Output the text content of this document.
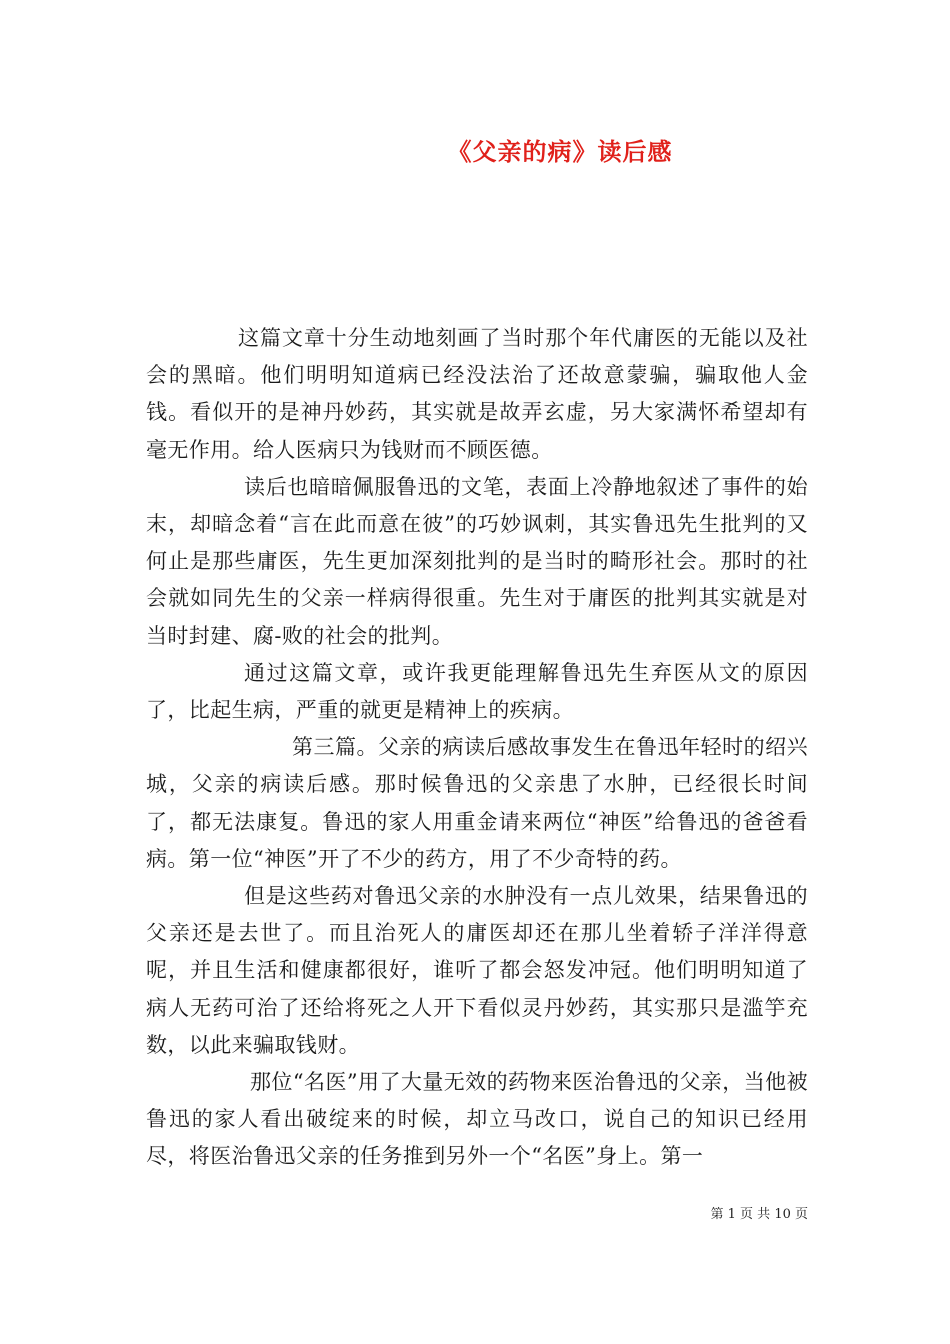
《父亲的病》读后感

这篇文章十分生动地刻画了当时那个年代庸医的无能以及社会的黑暗。他们明明知道病已经没法治了还故意蒙骗，骗取他人金钱。看似开的是神丹妙药，其实就是故弄玄虚，另大家满怀希望却有毫无作用。给人医病只为钱财而不顾医德。

读后也暗暗佩服鲁迅的文笔，表面上冷静地叙述了事件的始末，却暗念着“言在此而意在彼”的巧妙讽刺，其实鲁迅先生批判的又何止是那些庸医，先生更加深刻批判的是当时的畸形社会。那时的社会就如同先生的父亲一样病得很重。先生对于庸医的批判其实就是对当时封建、腐-败的社会的批判。

通过这篇文章，或许我更能理解鲁迅先生弃医从文的原因了，比起生病，严重的就更是精神上的疾病。

第三篇。父亲的病读后感故事发生在鲁迅年轻时的绍兴城，父亲的病读后感。那时候鲁迅的父亲患了水肿，已经很长时间了，都无法康复。鲁迅的家人用重金请来两位“神医”给鲁迅的爸爸看病。第一位“神医”开了不少的药方，用了不少奇特的药。

但是这些药对鲁迅父亲的水肿没有一点儿效果，结果鲁迅的父亲还是去世了。而且治死人的庸医却还在那儿坐着轿子洋洋得意呢，并且生活和健康都很好，谁听了都会怒发冲冠。他们明明知道了病人无药可治了还给将死之人开下看似灵丹妙药，其实那只是滥竽充数，以此来骗取钱财。

那位“名医”用了大量无效的药物来医治鲁迅的父亲，当他被鲁迅的家人看出破绽来的时候，却立马改口，说自己的知识已经用尽，将医治鲁迅父亲的任务推到另外一个“名医”身上。第一

第 1 页 共 10 页
